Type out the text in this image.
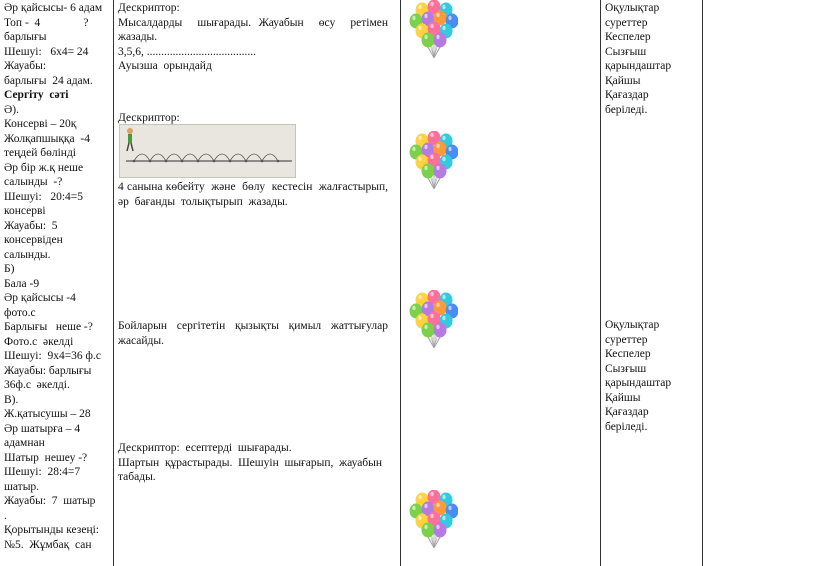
Әр қайсысы- 6 адам

Топ -  4               ?

барлығы

Шешуі:   6х4= 24

Жауабы:

барлығы  24 адам.

Сергіту  сәті

Ә).

Консерві – 20қ

Жолқапшыққа  -4 теңдей бөлінді

Әр бір ж.қ неше салынды  -?

Шешуі:   20:4=5 консерві

Жауабы:  5 консервіден салынды.

Б)

Бала -9

Әр қайсысы -4 фото.с

Барлығы   неше -? Фото.с  әкелді

Шешуі:  9х4=36 ф.с

Жауабы: барлығы 36ф.с  әкелді.

В).

Ж.қатысушы – 28

Әр шатырға – 4 адамнан

Шатыр  нешеу -?

Шешуі:  28:4=7 шатыр.

Жауабы:  7  шатыр

.

Қорытынды кезеңі:

№5.  Жұмбақ  сан

Дескриптор:

Мысалдарды  шығарады. Жауабын  өсу  ретімен  жазады.

3,5,6, ......................................

Ауызша  орындайд

Дескриптор:

4 санына көбейту  және  бөлу  кестесін  жалғастырып,  әр  бағанды  толықтырып  жазады.

Бойларын  сергітетін  қызықты  қимыл  жаттығулар  жасайды.

Дескриптор:  есептерді  шығарады.

Шартын  құрастырады.  Шешуін  шығарып,  жауабын   табады.

Оқулықтар

суреттер

Кеспелер

Сызғыш

қарындаштар

Қайшы

Қағаздар

беріледі.

Оқулықтар

суреттер

Кеспелер

Сызғыш

қарындаштар

Қайшы

Қағаздар

беріледі.
